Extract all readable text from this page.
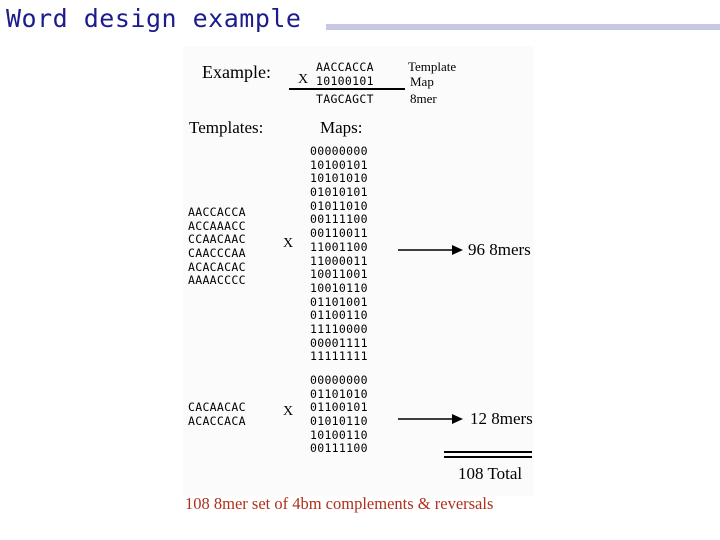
Word design example
Example:	AACCACCA
X 10100101
TAGCAGCT
Template
Map
8mer
Templates:	Maps:
AACCACCA
ACCAAACC
CCAACAAC
CAACCCAA
ACACACAC
AAAACCCC
X
00000000
10100101
10101010
01010101
01011010
00111100
00110011
11001100
11000011
10011001
10010110
01101001
01100110
11110000
00001111
11111111
96 8mers
CACAACAC
ACACCACA
X
00000000
01101010
01100101
01010110
10100110
00111100
12 8mers
108 Total
108 8mer set of 4bm complements & reversals
